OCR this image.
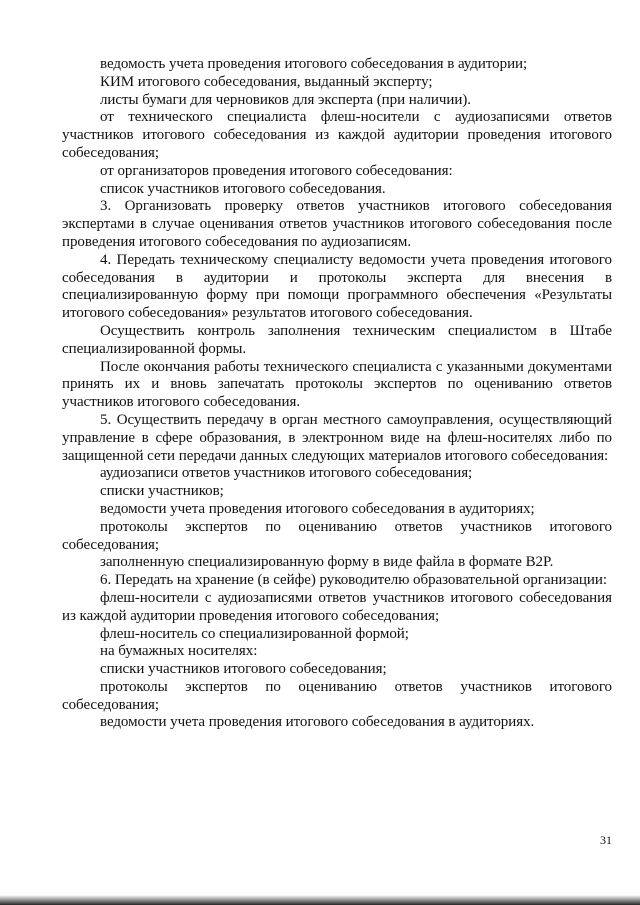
ведомость учета проведения итогового собеседования в аудитории;

КИМ итогового собеседования, выданный эксперту;

листы бумаги для черновиков для эксперта (при наличии).

от технического специалиста флеш-носители с аудиозаписями ответов участников итогового собеседования из каждой аудитории проведения итогового собеседования;

от организаторов проведения итогового собеседования:

список участников итогового собеседования.

3. Организовать проверку ответов участников итогового собеседования экспертами в случае оценивания ответов участников итогового собеседования после проведения итогового собеседования по аудиозаписям.

4. Передать техническому специалисту ведомости учета проведения итогового собеседования в аудитории и протоколы эксперта для внесения в специализированную форму при помощи программного обеспечения «Результаты итогового собеседования» результатов итогового собеседования.

Осуществить контроль заполнения техническим специалистом в Штабе специализированной формы.

После окончания работы технического специалиста с указанными документами принять их и вновь запечатать протоколы экспертов по оцениванию ответов участников итогового собеседования.

5. Осуществить передачу в орган местного самоуправления, осуществляющий управление в сфере образования, в электронном виде на флеш-носителях либо по защищенной сети передачи данных следующих материалов итогового собеседования:

аудиозаписи ответов участников итогового собеседования;

списки участников;

ведомости учета проведения итогового собеседования в аудиториях;

протоколы экспертов по оцениванию ответов участников итогового собеседования;

заполненную специализированную форму в виде файла в формате B2P.

6. Передать на хранение (в сейфе) руководителю образовательной организации:

флеш-носители с аудиозаписями ответов участников итогового собеседования из каждой аудитории проведения итогового собеседования;

флеш-носитель со специализированной формой;

на бумажных носителях:

списки участников итогового собеседования;

протоколы экспертов по оцениванию ответов участников итогового собеседования;

ведомости учета проведения итогового собеседования в аудиториях.

31
